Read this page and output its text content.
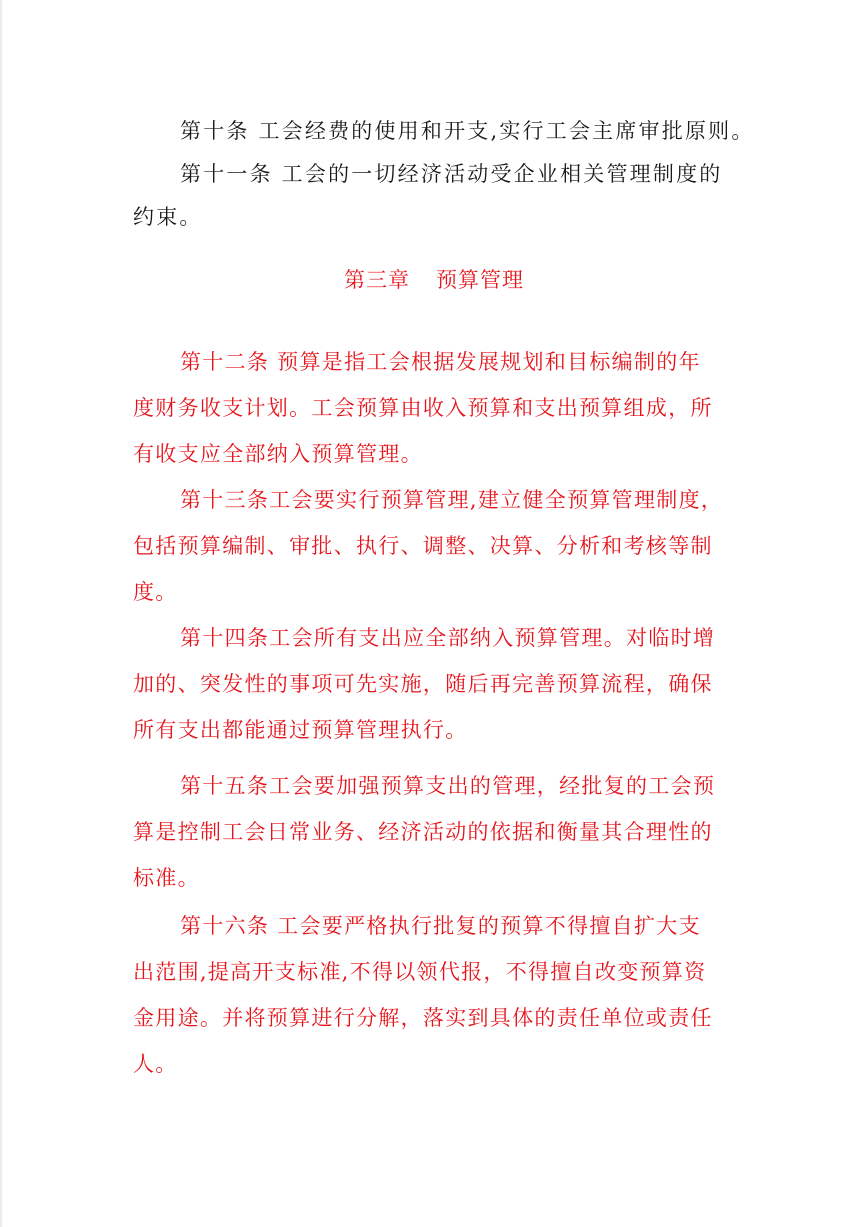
第十条 工会经费的使用和开支,实行工会主席审批原则。
第十一条 工会的一切经济活动受企业相关管理制度的
约束。
第三章 预算管理
第十二条 预算是指工会根据发展规划和目标编制的年
度财务收支计划。工会预算由收入预算和支出预算组成，所
有收支应全部纳入预算管理。
第十三条工会要实行预算管理,建立健全预算管理制度，
包括预算编制、审批、执行、调整、决算、分析和考核等制
度。
第十四条工会所有支出应全部纳入预算管理。对临时增
加的、突发性的事项可先实施，随后再完善预算流程，确保
所有支出都能通过预算管理执行。
第十五条工会要加强预算支出的管理，经批复的工会预
算是控制工会日常业务、经济活动的依据和衡量其合理性的
标准。
第十六条 工会要严格执行批复的预算不得擅自扩大支
出范围,提高开支标准,不得以领代报，不得擅自改变预算资
金用途。并将预算进行分解，落实到具体的责任单位或责任
人。
